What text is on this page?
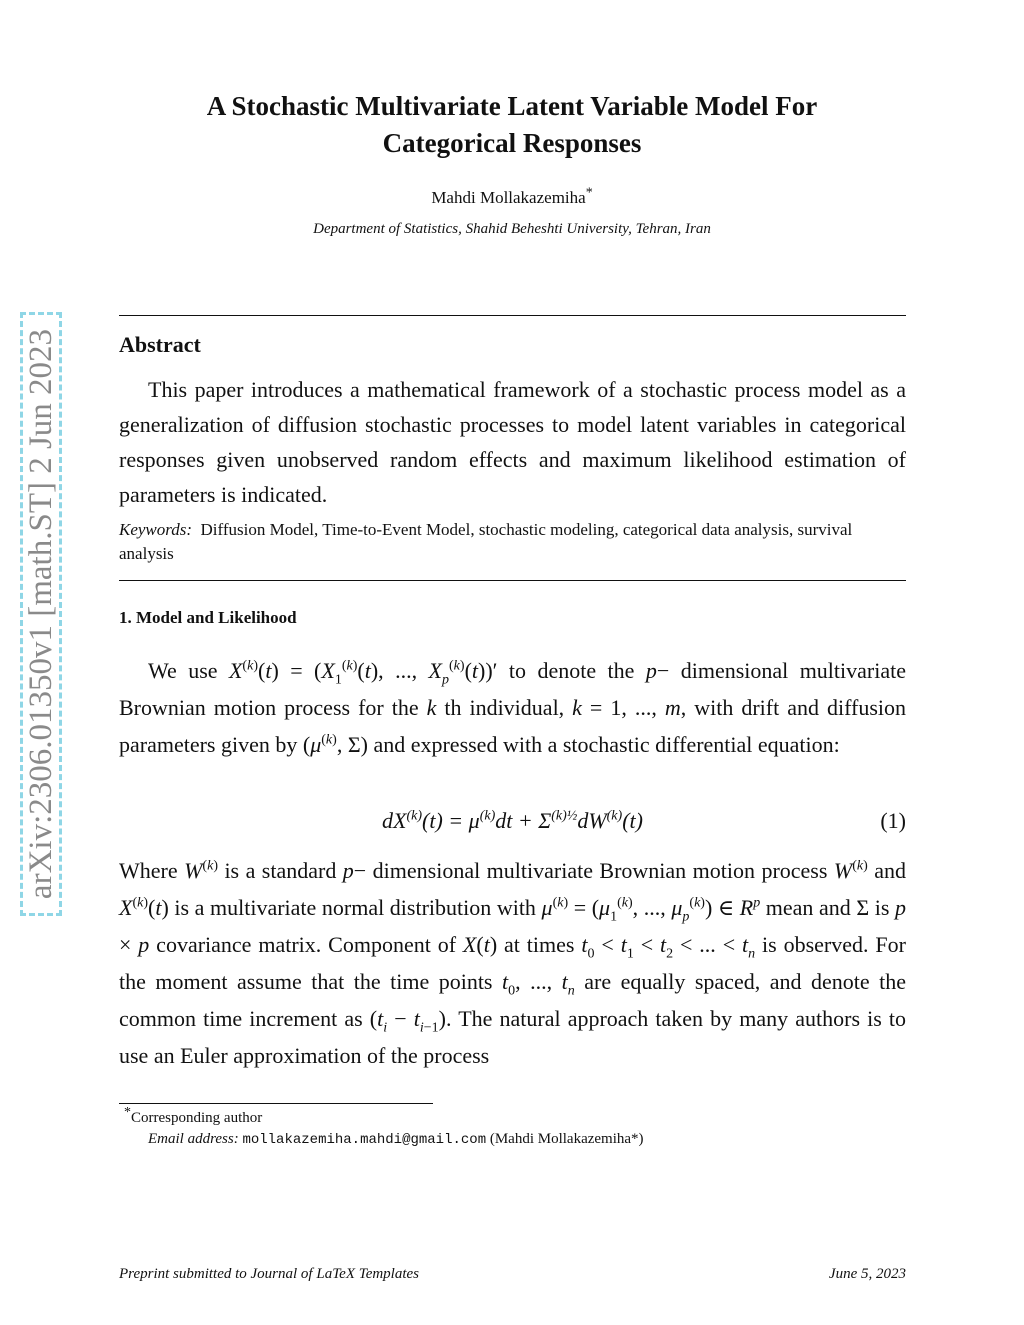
arXiv:2306.01350v1 [math.ST] 2 Jun 2023
A Stochastic Multivariate Latent Variable Model For
Categorical Responses
Mahdi Mollakazemiha*
Department of Statistics, Shahid Beheshti University, Tehran, Iran
Abstract
This paper introduces a mathematical framework of a stochastic process model as a generalization of diffusion stochastic processes to model latent variables in categorical responses given unobserved random effects and maximum likelihood estimation of parameters is indicated.
Keywords: Diffusion Model, Time-to-Event Model, stochastic modeling, categorical data analysis, survival analysis
1. Model and Likelihood
We use $X^{(k)}(t) = (X_1^{(k)}(t)$, ..., $X_p^{(k)}(t))'$ to denote the p− dimensional multivariate Brownian motion process for the k th individual, k = 1, ..., m, with drift and diffusion parameters given by ($\mu^{(k)}$, Σ) and expressed with a stochastic differential equation:
$dX^{(k)}(t) = \mu^{(k)}dt + \Sigma^{(k)\frac{1}{2}}dW^{(k)}(t)$	(1)
Where $W^{(k)}$ is a standard p− dimensional multivariate Brownian motion process $W^{(k)}$ and $X^{(k)}(t)$ is a multivariate normal distribution with $\mu^{(k)} = (\mu_1^{(k)}$, ..., $\mu_p^{(k)}$) ∈ $R^p$ mean and Σ is p × p covariance matrix. Component of X(t) at times $t_0 < t_1 < t_2$ < ... < $t_n$ is observed. For the moment assume that the time points $t_0$, ..., $t_n$ are equally spaced, and denote the common time increment as $(t_i - t_{i-1})$. The natural approach taken by many authors is to use an Euler approximation of the process
*Corresponding author
Email address: mollakazemiha.mahdi@gmail.com (Mahdi Mollakazemiha*)
Preprint submitted to Journal of LaTeX Templates	June 5, 2023
